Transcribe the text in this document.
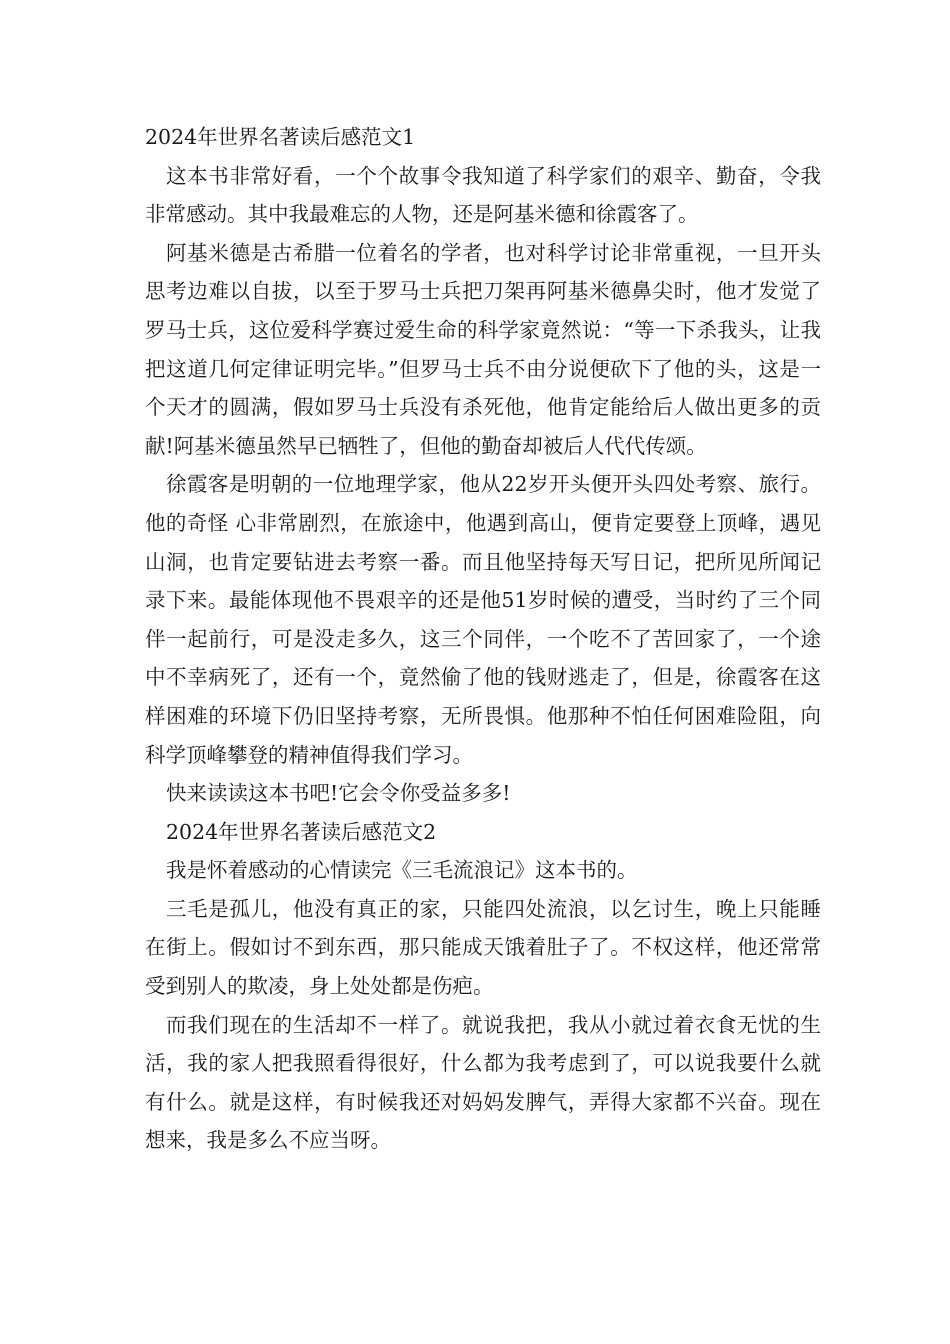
2024年世界名著读后感范文1

这本书非常好看，一个个故事令我知道了科学家们的艰辛、勤奋，令我非常感动。其中我最难忘的人物，还是阿基米德和徐霞客了。

阿基米德是古希腊一位着名的学者，也对科学讨论非常重视，一旦开头思考边难以自拔，以至于罗马士兵把刀架再阿基米德鼻尖时，他才发觉了罗马士兵，这位爱科学赛过爱生命的科学家竟然说：“等一下杀我头，让我把这道几何定律证明完毕。”但罗马士兵不由分说便砍下了他的头，这是一个天才的圆满，假如罗马士兵没有杀死他，他肯定能给后人做出更多的贡献!阿基米德虽然早已牺牲了，但他的勤奋却被后人代代传颂。

徐霞客是明朝的一位地理学家，他从22岁开头便开头四处考察、旅行。他的奇怪 心非常剧烈，在旅途中，他遇到高山，便肯定要登上顶峰，遇见山洞，也肯定要钻进去考察一番。而且他坚持每天写日记，把所见所闻记录下来。最能体现他不畏艰辛的还是他51岁时候的遭受，当时约了三个同伴一起前行，可是没走多久，这三个同伴，一个吃不了苦回家了，一个途中不幸病死了，还有一个，竟然偷了他的钱财逃走了，但是，徐霞客在这样困难的环境下仍旧坚持考察，无所畏惧。他那种不怕任何困难险阻，向科学顶峰攀登的精神值得我们学习。

快来读读这本书吧!它会令你受益多多!

2024年世界名著读后感范文2

我是怀着感动的心情读完《三毛流浪记》这本书的。

三毛是孤儿，他没有真正的家，只能四处流浪，以乞讨生，晚上只能睡在街上。假如讨不到东西，那只能成天饿着肚子了。不权这样，他还常常受到别人的欺凌，身上处处都是伤疤。

而我们现在的生活却不一样了。就说我把，我从小就过着衣食无忧的生活，我的家人把我照看得很好，什么都为我考虑到了，可以说我要什么就有什么。就是这样，有时候我还对妈妈发脾气，弄得大家都不兴奋。现在想来，我是多么不应当呀。
